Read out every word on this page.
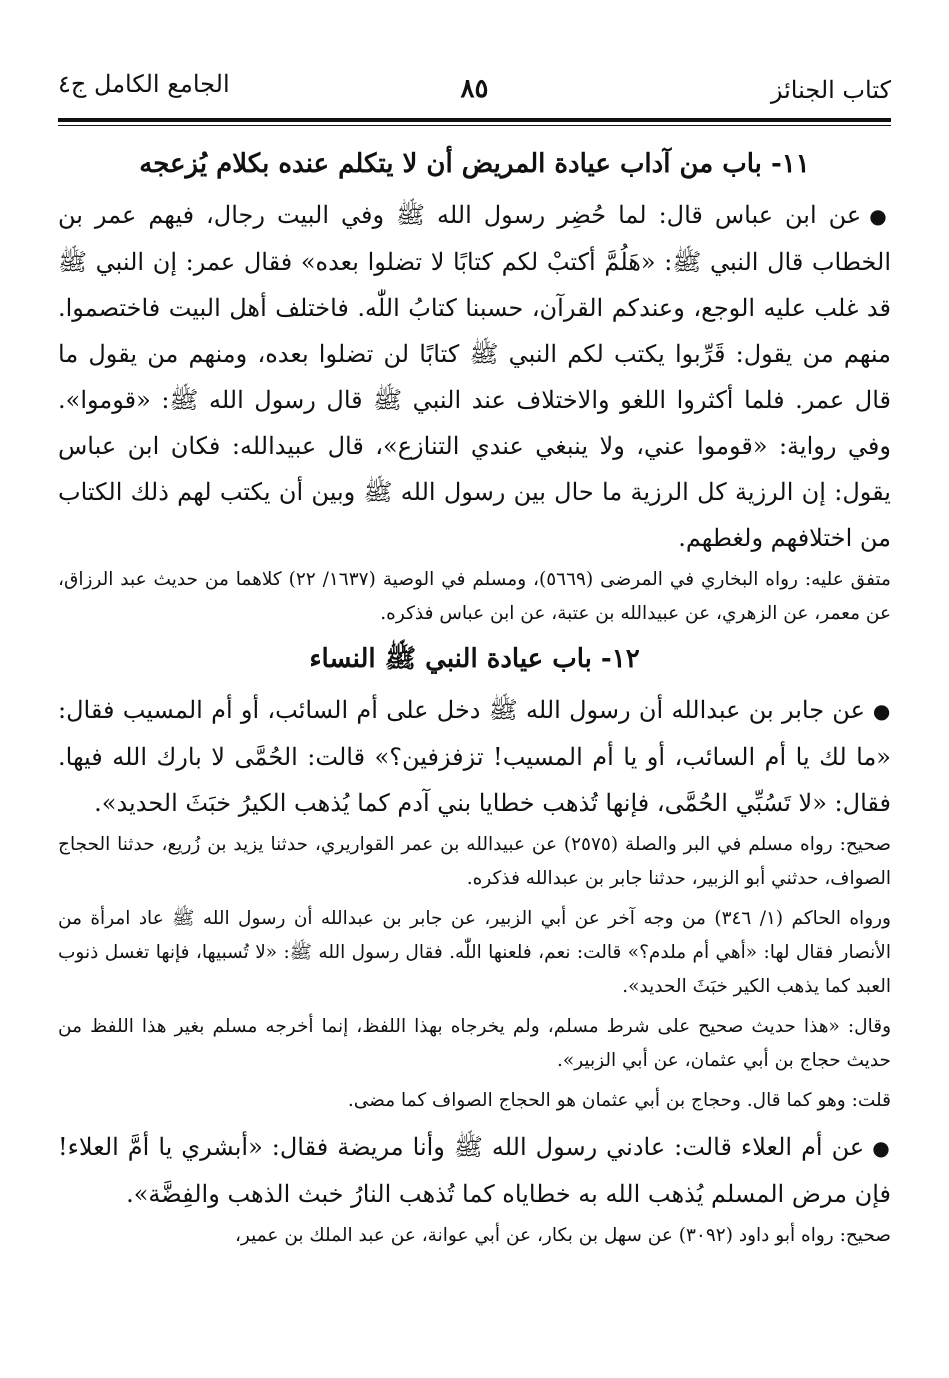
كتاب الجنائز
٨٥
الجامع الكامل ج٤
١١- باب من آداب عيادة المريض أن لا يتكلم عنده بكلام يُزعجه

●عن ابن عباس قال: لما حُضِر رسول الله ﷺ وفي البيت رجال، فيهم عمر بن الخطاب قال النبي ﷺ: «هَلُمَّ أكتبْ لكم كتابًا لا تضلوا بعده» فقال عمر: إن النبي ﷺ قد غلب عليه الوجع، وعندكم القرآن، حسبنا كتابُ اللّٰه. فاختلف أهل البيت فاختصموا. منهم من يقول: قَرِّبوا يكتب لكم النبي ﷺ كتابًا لن تضلوا بعده، ومنهم من يقول ما قال عمر. فلما أكثروا اللغو والاختلاف عند النبي ﷺ قال رسول الله ﷺ: «قوموا». وفي رواية: «قوموا عني، ولا ينبغي عندي التنازع»، قال عبيدالله: فكان ابن عباس يقول: إن الرزية كل الرزية ما حال بين رسول الله ﷺ وبين أن يكتب لهم ذلك الكتاب من اختلافهم ولغطهم.

متفق عليه: رواه البخاري في المرضى (٥٦٦٩)، ومسلم في الوصية (١٦٣٧/ ٢٢) كلاهما من حديث عبد الرزاق، عن معمر، عن الزهري، عن عبيدالله بن عتبة، عن ابن عباس فذكره.

١٢- باب عيادة النبي ﷺ النساء

●عن جابر بن عبدالله أن رسول الله ﷺ دخل على أم السائب، أو أم المسيب فقال: «ما لك يا أم السائب، أو يا أم المسيب! تزفزفين؟» قالت: الحُمَّى لا بارك الله فيها. فقال: «لا تَسُبِّي الحُمَّى، فإنها تُذهب خطايا بني آدم كما يُذهب الكيرُ خبَثَ الحديد».

صحيح: رواه مسلم في البر والصلة (٢٥٧٥) عن عبيدالله بن عمر القواريري، حدثنا يزيد بن زُريع، حدثنا الحجاج الصواف، حدثني أبو الزبير، حدثنا جابر بن عبدالله فذكره.

ورواه الحاكم (١/ ٣٤٦) من وجه آخر عن أبي الزبير، عن جابر بن عبدالله أن رسول الله ﷺ عاد امرأة من الأنصار فقال لها: «أهي أم ملدم؟» قالت: نعم، فلعنها اللّٰه. فقال رسول الله ﷺ: «لا تُسبيها، فإنها تغسل ذنوب العبد كما يذهب الكير خبَثَ الحديد».

وقال: «هذا حديث صحيح على شرط مسلم، ولم يخرجاه بهذا اللفظ، إنما أخرجه مسلم بغير هذا اللفظ من حديث حجاج بن أبي عثمان، عن أبي الزبير».

قلت: وهو كما قال. وحجاج بن أبي عثمان هو الحجاج الصواف كما مضى.

●عن أم العلاء قالت: عادني رسول الله ﷺ وأنا مريضة فقال: «أبشري يا أمَّ العلاء! فإن مرض المسلم يُذهب الله به خطاياه كما تُذهب النارُ خبث الذهب والفِضَّة».

صحيح: رواه أبو داود (٣٠٩٢) عن سهل بن بكار، عن أبي عوانة، عن عبد الملك بن عمير،
